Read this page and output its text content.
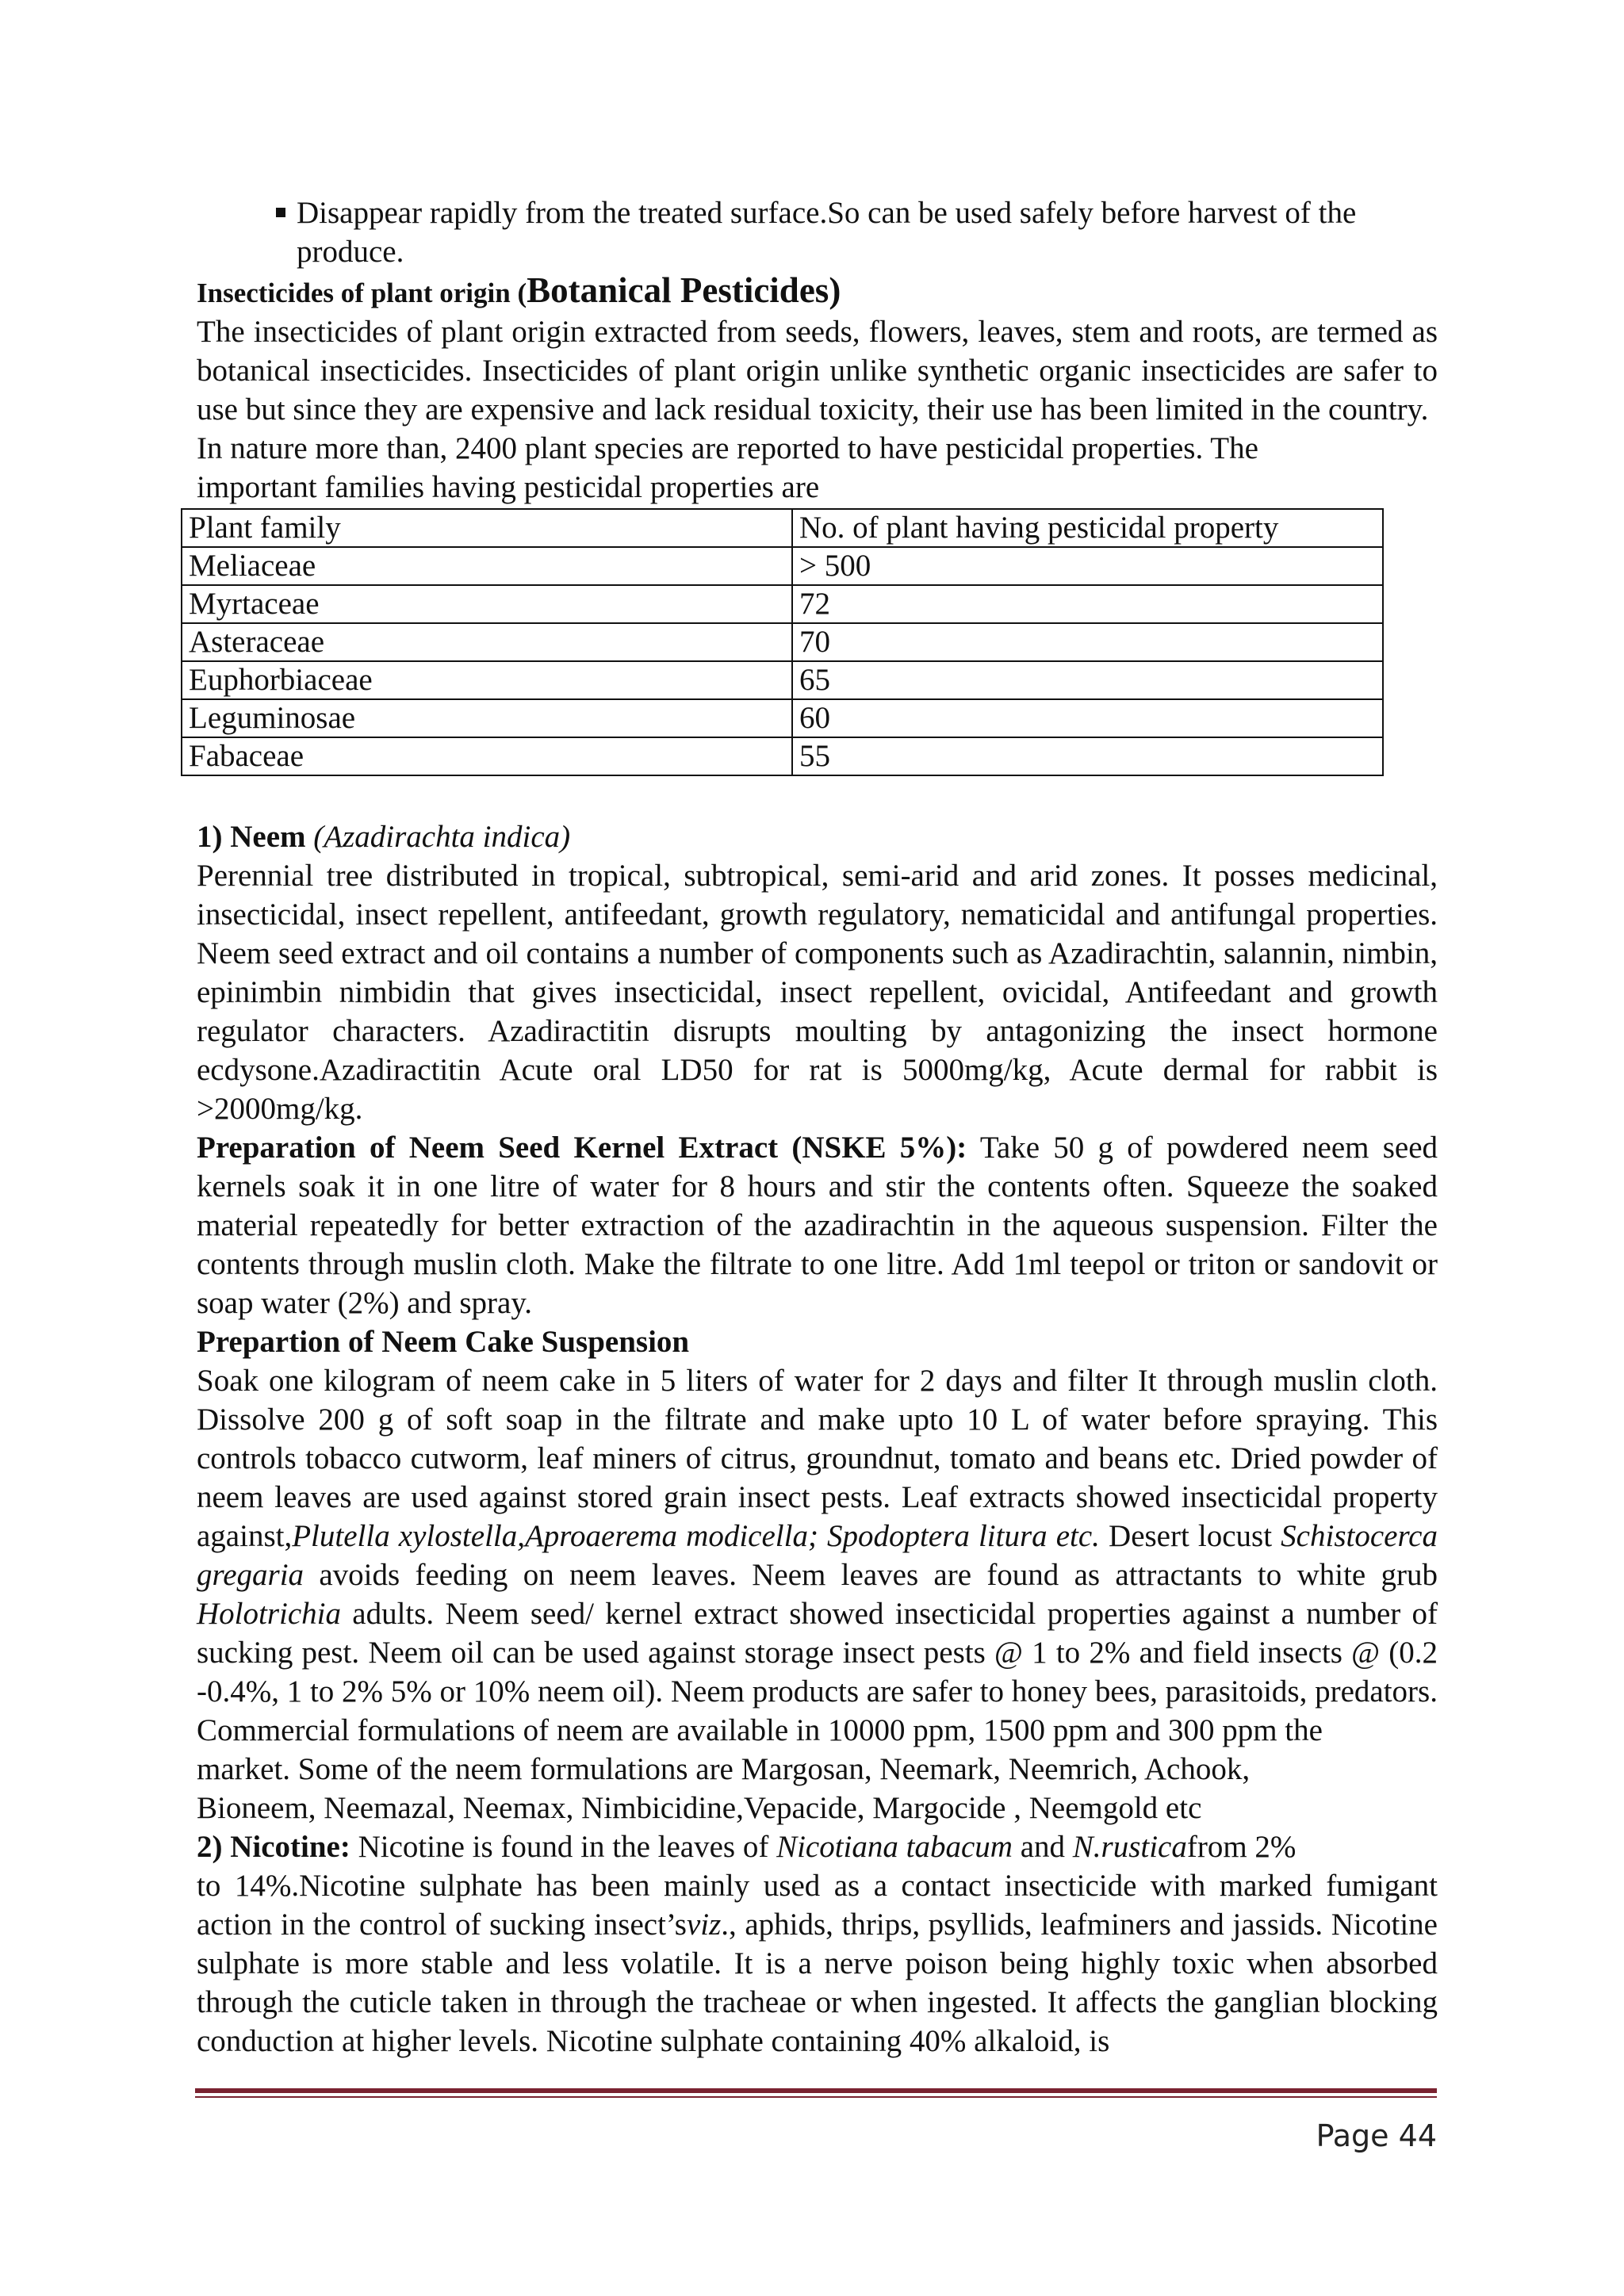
Disappear rapidly from the treated surface.So can be used safely before harvest of the produce.

Insecticides of plant origin (Botanical Pesticides)

The insecticides of plant origin extracted from seeds, flowers, leaves, stem and roots, are termed as botanical insecticides. Insecticides of plant origin unlike synthetic organic insecticides are safer to use but since they are expensive and lack residual toxicity, their use has been limited in the country.

In nature more than, 2400 plant species are reported to have pesticidal properties. The
important families having pesticidal properties are

Plant family	No. of plant having pesticidal property
Meliaceae	> 500
Myrtaceae	72
Asteraceae	70
Euphorbiaceae	65
Leguminosae	60
Fabaceae	55

1) Neem (Azadirachta indica)

Perennial tree distributed in tropical, subtropical, semi-arid and arid zones. It posses medicinal, insecticidal, insect repellent, antifeedant, growth regulatory, nematicidal and antifungal properties. Neem seed extract and oil contains a number of components such as Azadirachtin, salannin, nimbin, epinimbin nimbidin that gives insecticidal, insect repellent, ovicidal, Antifeedant and growth regulator characters. Azadiractitin disrupts moulting by antagonizing the insect hormone ecdysone.Azadiractitin Acute oral LD50 for rat is 5000mg/kg, Acute dermal for rabbit is >2000mg/kg.

Preparation of Neem Seed Kernel Extract (NSKE 5%): Take 50 g of powdered neem seed kernels soak it in one litre of water for 8 hours and stir the contents often. Squeeze the soaked material repeatedly for better extraction of the azadirachtin in the aqueous suspension. Filter the contents through muslin cloth. Make the filtrate to one litre. Add 1ml teepol or triton or sandovit or soap water (2%) and spray.

Prepartion of Neem Cake Suspension

Soak one kilogram of neem cake in 5 liters of water for 2 days and filter It through muslin cloth. Dissolve 200 g of soft soap in the filtrate and make upto 10 L of water before spraying. This controls tobacco cutworm, leaf miners of citrus, groundnut, tomato and beans etc. Dried powder of neem leaves are used against stored grain insect pests. Leaf extracts showed insecticidal property against,Plutella xylostella,Aproaerema modicella; Spodoptera litura etc. Desert locust Schistocerca gregaria avoids feeding on neem leaves. Neem leaves are found as attractants to white grub Holotrichia adults. Neem seed/ kernel extract showed insecticidal properties against a number of sucking pest. Neem oil can be used against storage insect pests @ 1 to 2% and field insects @ (0.2 -0.4%, 1 to 2% 5% or 10% neem oil). Neem products are safer to honey bees, parasitoids, predators.

Commercial formulations of neem are available in 10000 ppm, 1500 ppm and 300 ppm the
market. Some of the neem formulations are Margosan, Neemark, Neemrich, Achook,
Bioneem, Neemazal, Neemax, Nimbicidine,Vepacide, Margocide , Neemgold etc

2) Nicotine: Nicotine is found in the leaves of Nicotiana tabacum and N.rusticafrom 2%

to 14%.Nicotine sulphate has been mainly used as a contact insecticide with marked fumigant action in the control of sucking insect’sviz., aphids, thrips, psyllids, leafminers and jassids. Nicotine sulphate is more stable and less volatile. It is a nerve poison being highly toxic when absorbed through the cuticle taken in through the tracheae or when ingested. It affects the ganglian blocking conduction at higher levels. Nicotine sulphate containing 40% alkaloid, is

Page 44
